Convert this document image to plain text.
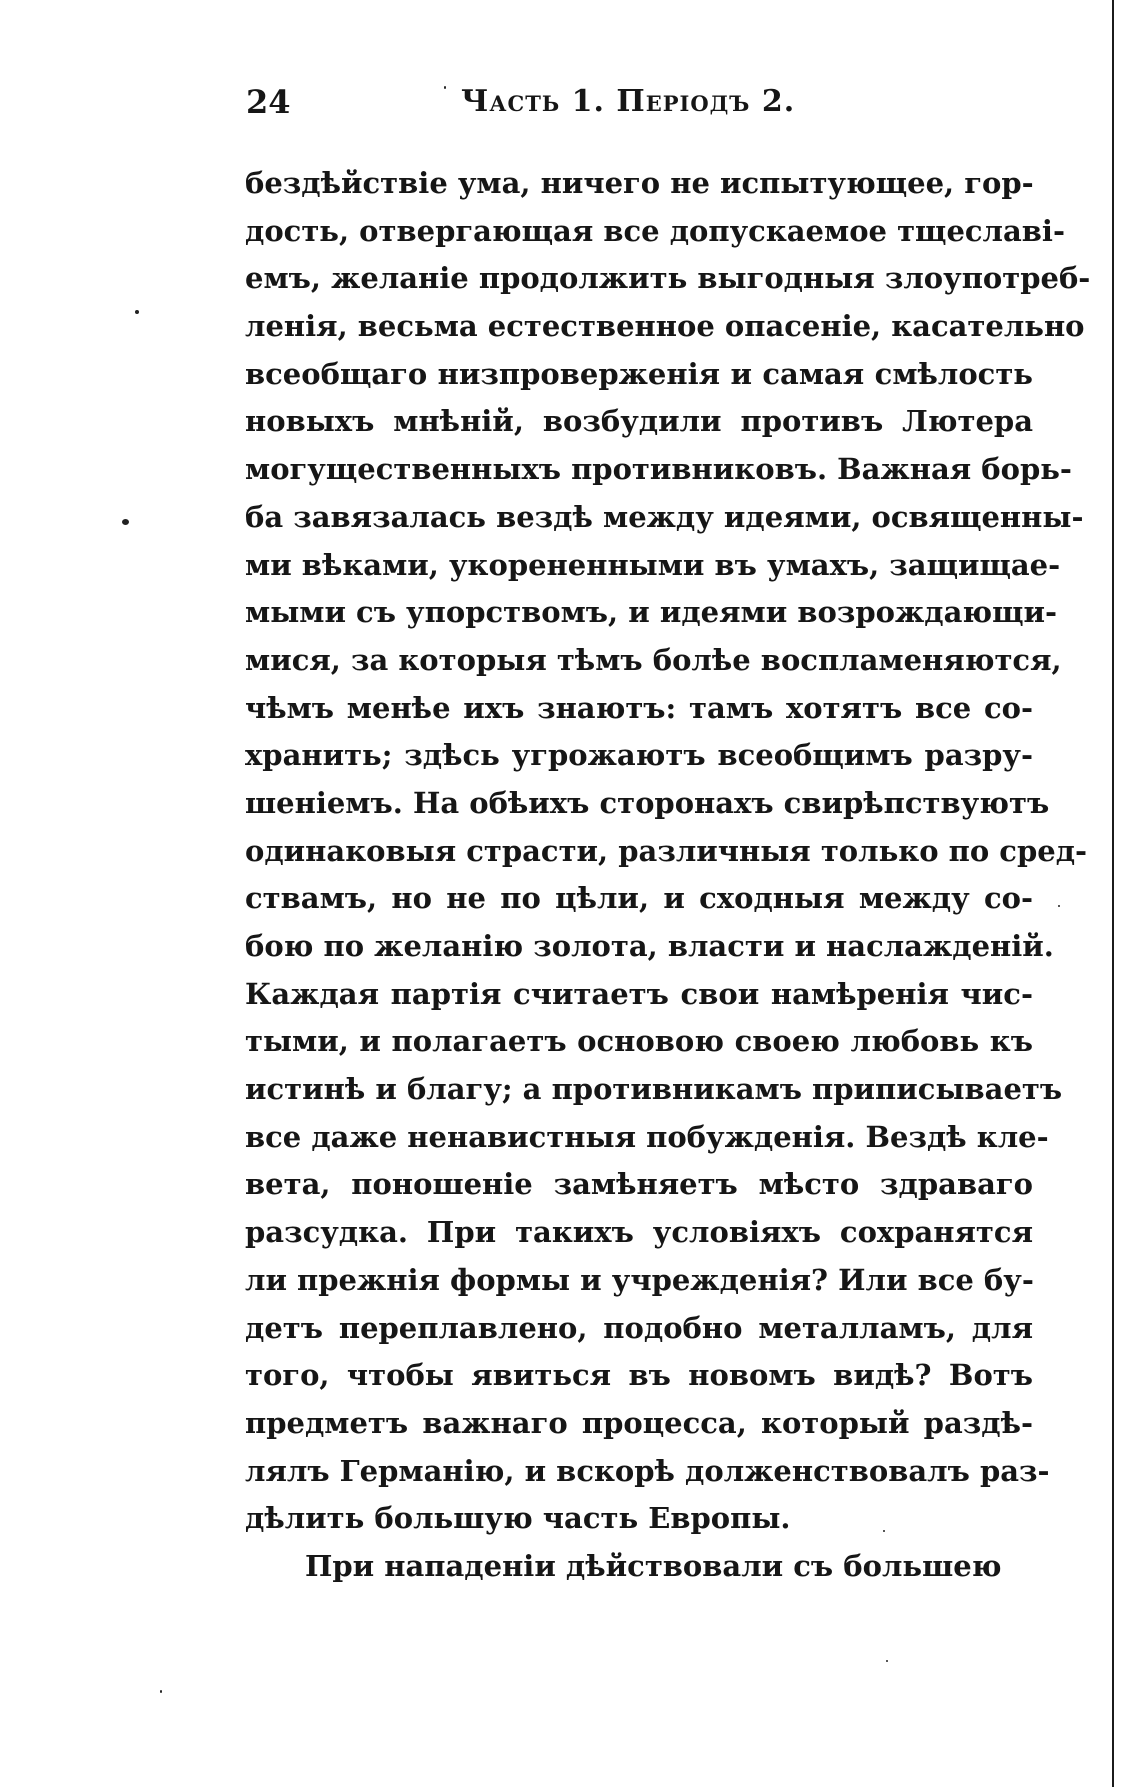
24	Часть 1. Періодъ 2.
бездѣйствіе ума, ничего не испытующее, гор-
дость, отвергающая все допускаемое тщеславі-
емъ, желаніе продолжить выгодныя злоупотреб-
ленія, весьма естественное опасеніе, касательно
всеобщаго низпроверженія и самая смѣлость
новыхъ мнѣній, возбудили противъ Лютера
могущественныхъ противниковъ. Важная борь-
ба завязалась вездѣ между идеями, освященны-
ми вѣками, укорененными въ умахъ, защищае-
мыми съ упорствомъ, и идеями возрождающи-
мися, за которыя тѣмъ болѣе воспламеняются,
чѣмъ менѣе ихъ знаютъ: тамъ хотятъ все со-
хранить; здѣсь угрожаютъ всеобщимъ разру-
шеніемъ. На обѣихъ сторонахъ свирѣпствуютъ
одинаковыя страсти, различныя только по сред-
ствамъ, но не по цѣли, и сходныя между со-
бою по желанію золота, власти и наслажденій.
Каждая партія считаетъ свои намѣренія чис-
тыми, и полагаетъ основою своею любовь къ
истинѣ и благу; а противникамъ приписываетъ
все даже ненавистныя побужденія. Вездѣ кле-
вета, поношеніе замѣняетъ мѣсто здраваго
разсудка. При такихъ условіяхъ сохранятся
ли прежнія формы и учрежденія? Или все бу-
детъ переплавлено, подобно металламъ, для
того, чтобы явиться въ новомъ видѣ? Вотъ
предметъ важнаго процесса, который раздѣ-
лялъ Германію, и вскорѣ долженствовалъ раз-
дѣлить большую часть Европы.
При нападеніи дѣйствовали съ большею
